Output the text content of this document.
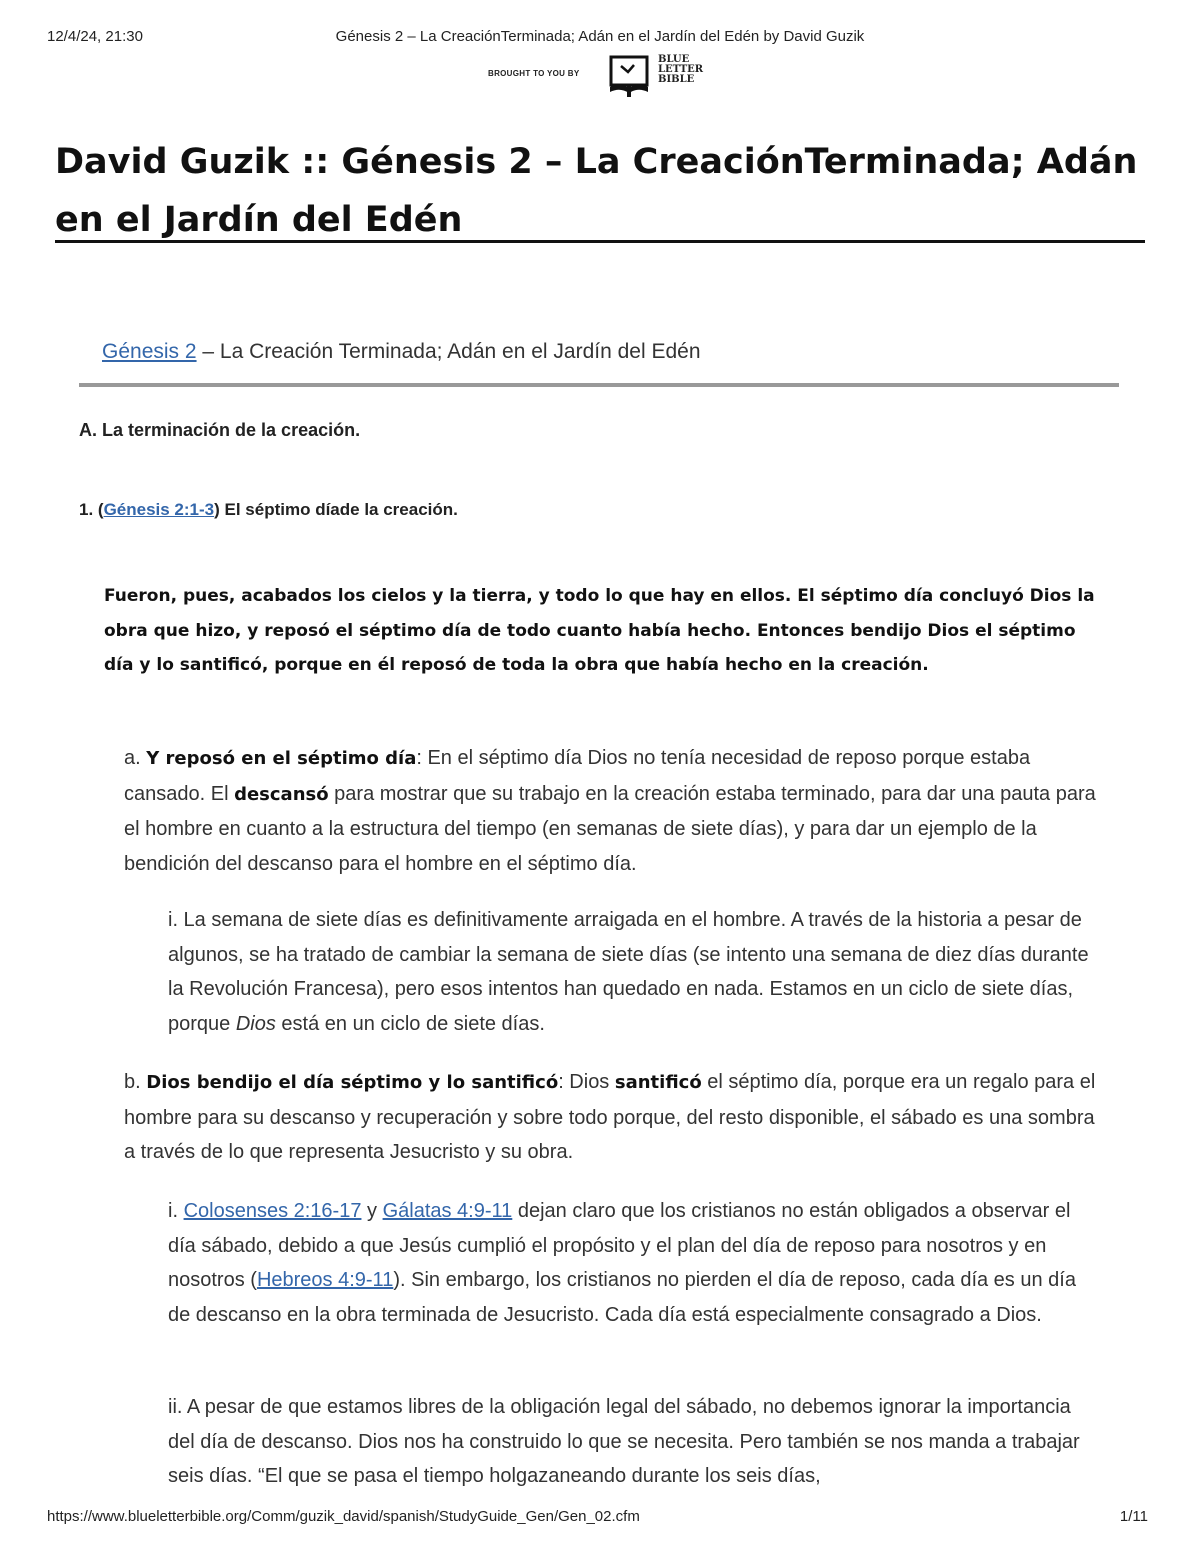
12/4/24, 21:30	Génesis 2 – La CreaciónTerminada; Adán en el Jardín del Edén by David Guzik
BROUGHT TO YOU BY
BLUE
LETTER
BIBLE
David Guzik :: Génesis 2 – La CreaciónTerminada; Adán en el Jardín del Edén
Génesis 2 – La Creación Terminada; Adán en el Jardín del Edén
A. La terminación de la creación.
1. (Génesis 2:1-3) El séptimo díade la creación.

Fueron, pues, acabados los cielos y la tierra, y todo lo que hay en ellos. El séptimo día concluyó Dios la obra que hizo, y reposó el séptimo día de todo cuanto había hecho. Entonces bendijo Dios el séptimo día y lo santificó, porque en él reposó de toda la obra que había hecho en la creación.

a. Y reposó en el séptimo día: En el séptimo día Dios no tenía necesidad de reposo porque estaba cansado. El descansó para mostrar que su trabajo en la creación estaba terminado, para dar una pauta para el hombre en cuanto a la estructura del tiempo (en semanas de siete días), y para dar un ejemplo de la bendición del descanso para el hombre en el séptimo día.

i. La semana de siete días es definitivamente arraigada en el hombre. A través de la historia a pesar de algunos, se ha tratado de cambiar la semana de siete días (se intento una semana de diez días durante la Revolución Francesa), pero esos intentos han quedado en nada. Estamos en un ciclo de siete días, porque Dios está en un ciclo de siete días.

b. Dios bendijo el día séptimo y lo santificó: Dios santificó el séptimo día, porque era un regalo para el hombre para su descanso y recuperación y sobre todo porque, del resto disponible, el sábado es una sombra a través de lo que representa Jesucristo y su obra.

i. Colosenses 2:16-17 y Gálatas 4:9-11 dejan claro que los cristianos no están obligados a observar el día sábado, debido a que Jesús cumplió el propósito y el plan del día de reposo para nosotros y en nosotros (Hebreos 4:9-11). Sin embargo, los cristianos no pierden el día de reposo, cada día es un día de descanso en la obra terminada de Jesucristo. Cada día está especialmente consagrado a Dios.

ii. A pesar de que estamos libres de la obligación legal del sábado, no debemos ignorar la importancia del día de descanso. Dios nos ha construido lo que se necesita. Pero también se nos manda a trabajar seis días. “El que se pasa el tiempo holgazaneando durante los seis días,

https://www.blueletterbible.org/Comm/guzik_david/spanish/StudyGuide_Gen/Gen_02.cfm	1/11
